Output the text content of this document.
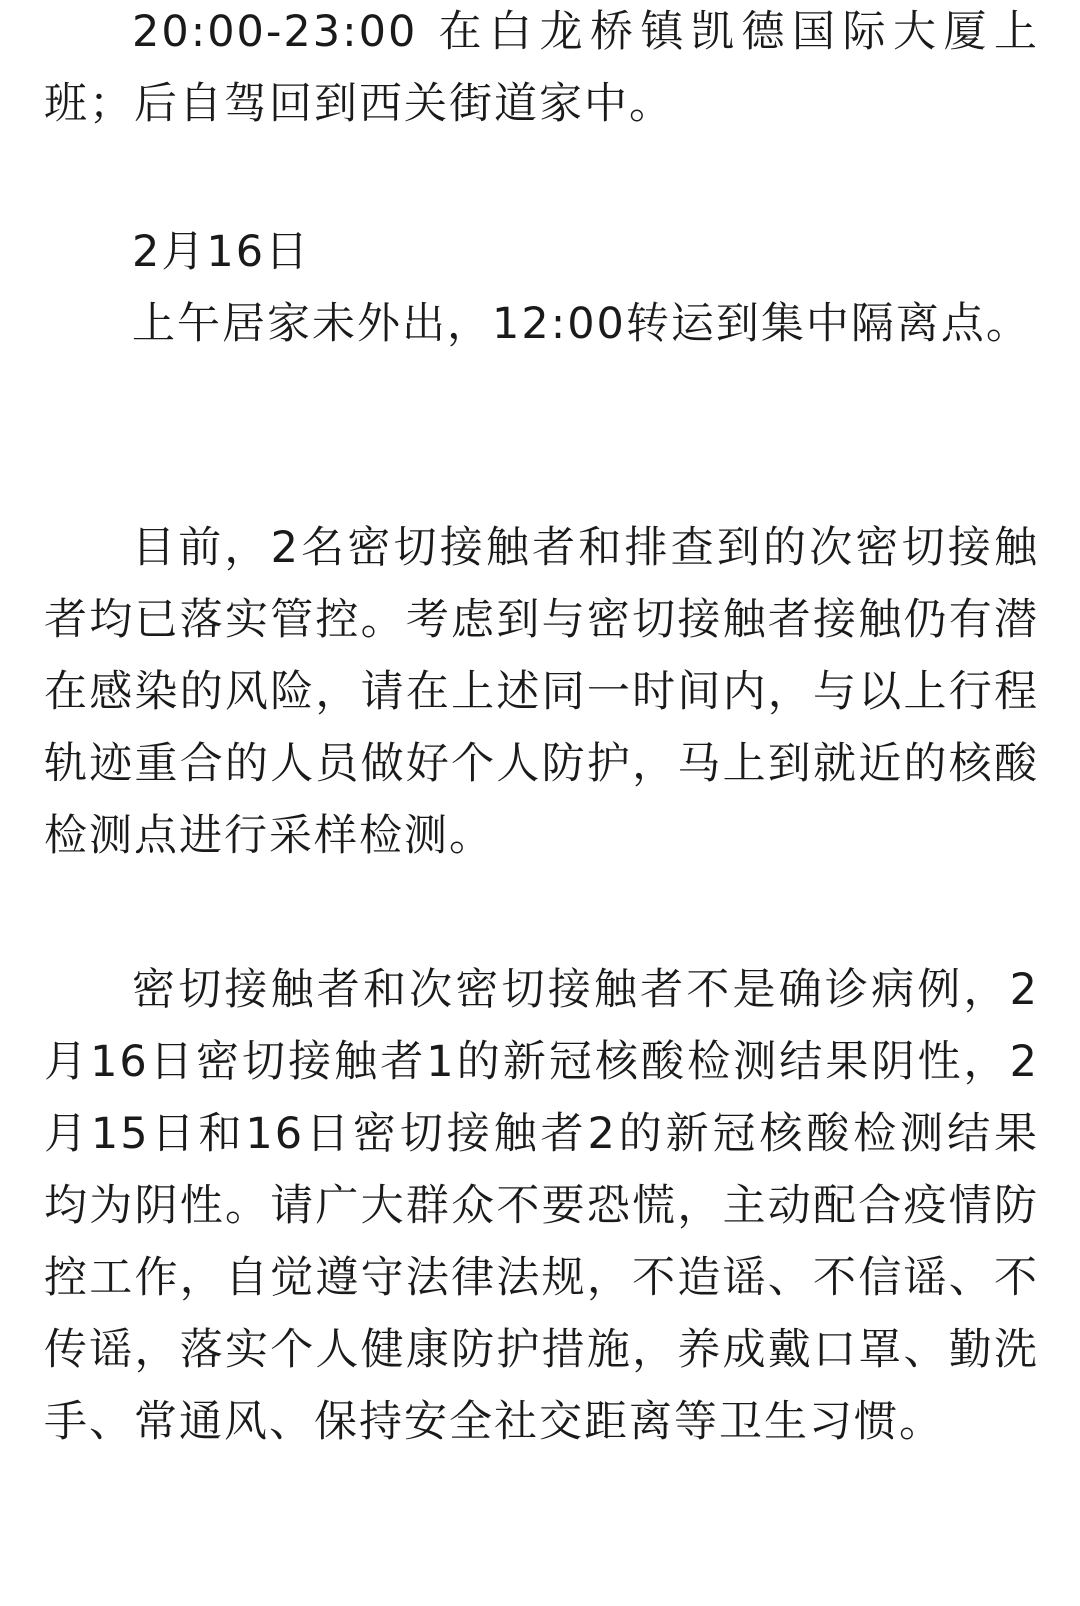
20:00-23:00 在白龙桥镇凯德国际大厦上班；后自驾回到西关街道家中。

2月16日

上午居家未外出，12:00转运到集中隔离点。

目前，2名密切接触者和排查到的次密切接触者均已落实管控。考虑到与密切接触者接触仍有潜在感染的风险，请在上述同一时间内，与以上行程轨迹重合的人员做好个人防护，马上到就近的核酸检测点进行采样检测。

密切接触者和次密切接触者不是确诊病例，2月16日密切接触者1的新冠核酸检测结果阴性，2月15日和16日密切接触者2的新冠核酸检测结果均为阴性。请广大群众不要恐慌，主动配合疫情防控工作，自觉遵守法律法规，不造谣、不信谣、不传谣，落实个人健康防护措施，养成戴口罩、勤洗手、常通风、保持安全社交距离等卫生习惯。
